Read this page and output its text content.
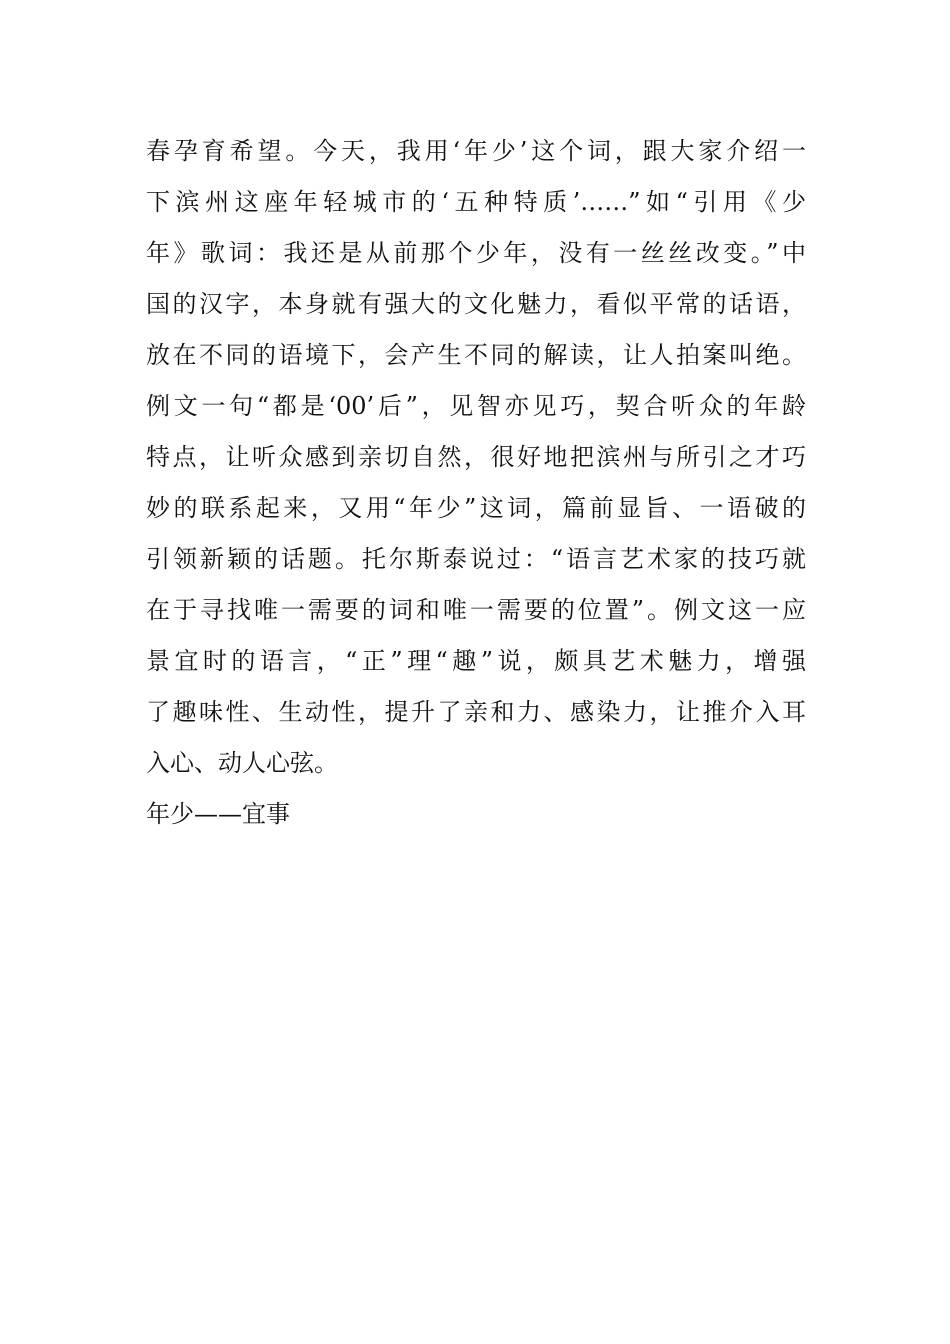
春孕育希望。今天，我用‘年少’这个词，跟大家介绍一
下滨州这座年轻城市的‘五种特质’……”如“引用《少
年》歌词：我还是从前那个少年，没有一丝丝改变。”中
国的汉字，本身就有强大的文化魅力，看似平常的话语，
放在不同的语境下，会产生不同的解读，让人拍案叫绝。
例文一句“都是‘00’后”，见智亦见巧，契合听众的年龄
特点，让听众感到亲切自然，很好地把滨州与所引之才巧
妙的联系起来，又用“年少”这词，篇前显旨、一语破的
引领新颖的话题。托尔斯泰说过：“语言艺术家的技巧就
在于寻找唯一需要的词和唯一需要的位置”。例文这一应
景宜时的语言，“正”理“趣”说，颇具艺术魅力，增强
了趣味性、生动性，提升了亲和力、感染力，让推介入耳
入心、动人心弦。
年少——宜事
